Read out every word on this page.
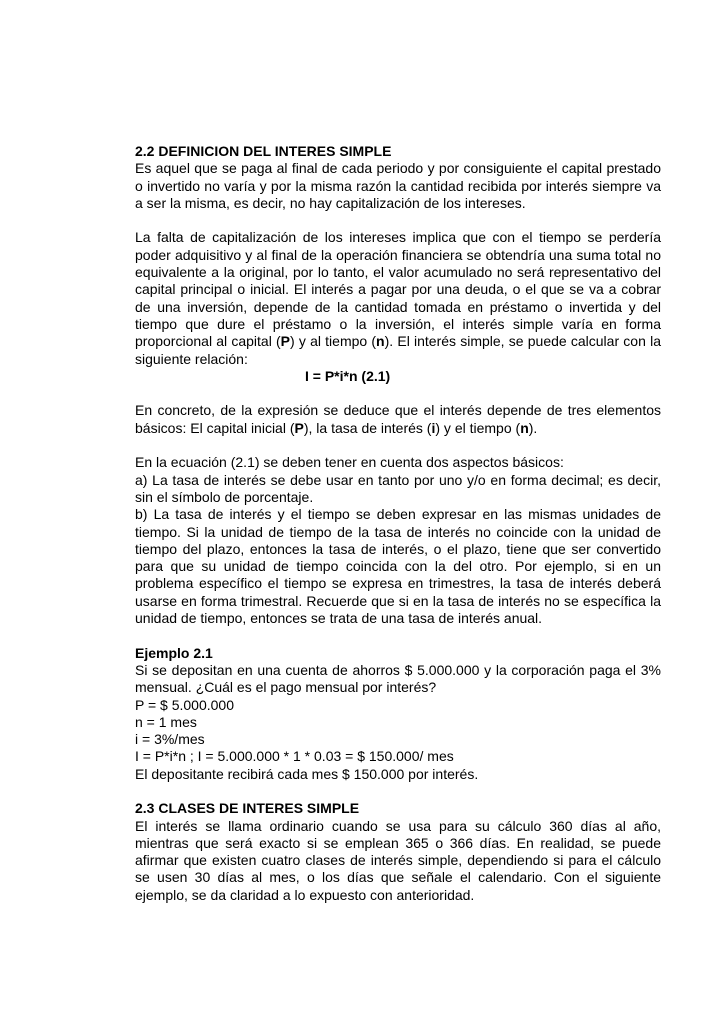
2.2 DEFINICION DEL INTERES SIMPLE
Es aquel que se paga al final de cada periodo y por consiguiente el capital prestado o invertido no varía y por la misma razón la cantidad recibida por interés siempre va a ser la misma, es decir, no hay capitalización de los intereses.
La falta de capitalización de los intereses implica que con el tiempo se perdería poder adquisitivo y al final de la operación financiera se obtendría una suma total no equivalente a la original, por lo tanto, el valor acumulado no será representativo del capital principal o inicial. El interés a pagar por una deuda, o el que se va a cobrar de una inversión, depende de la cantidad tomada en préstamo o invertida y del tiempo que dure el préstamo o la inversión, el interés simple varía en forma proporcional al capital (P) y al tiempo (n). El interés simple, se puede calcular con la siguiente relación:
I = P*i*n (2.1)
En concreto, de la expresión se deduce que el interés depende de tres elementos básicos: El capital inicial (P), la tasa de interés (i) y el tiempo (n).
En la ecuación (2.1) se deben tener en cuenta dos aspectos básicos:
a) La tasa de interés se debe usar en tanto por uno y/o en forma decimal; es decir, sin el símbolo de porcentaje.
b) La tasa de interés y el tiempo se deben expresar en las mismas unidades de tiempo. Si la unidad de tiempo de la tasa de interés no coincide con la unidad de tiempo del plazo, entonces la tasa de interés, o el plazo, tiene que ser convertido para que su unidad de tiempo coincida con la del otro. Por ejemplo, si en un problema específico el tiempo se expresa en trimestres, la tasa de interés deberá usarse en forma trimestral. Recuerde que si en la tasa de interés no se específica la unidad de tiempo, entonces se trata de una tasa de interés anual.
Ejemplo 2.1
Si se depositan en una cuenta de ahorros $ 5.000.000 y la corporación paga el 3% mensual. ¿Cuál es el pago mensual por interés?
P = $ 5.000.000
n = 1 mes
i = 3%/mes
I = P*i*n ; I = 5.000.000 * 1 * 0.03 = $ 150.000/ mes
El depositante recibirá cada mes $ 150.000 por interés.
2.3 CLASES DE INTERES SIMPLE
El interés se llama ordinario cuando se usa para su cálculo 360 días al año, mientras que será exacto si se emplean 365 o 366 días. En realidad, se puede afirmar que existen cuatro clases de interés simple, dependiendo si para el cálculo se usen 30 días al mes, o los días que señale el calendario. Con el siguiente ejemplo, se da claridad a lo expuesto con anterioridad.
